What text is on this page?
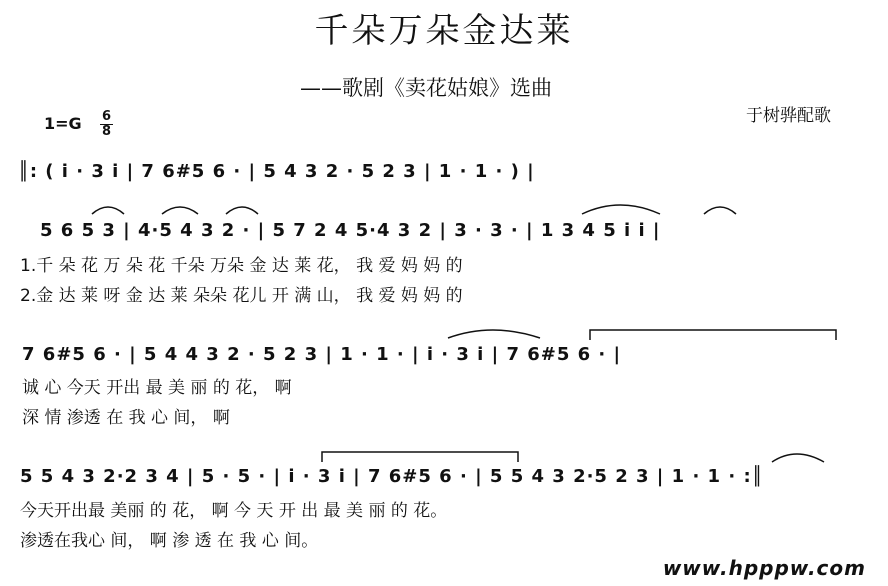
千朵万朵金达莱
——歌剧《卖花姑娘》选曲
$1=G \frac{6}{8}$	于树骅配歌
║: ( i · 3 i | 7 6#5 6 · | 5 4 3 2 · 5 2 3 | 1 · 1 · ) |
5 6 5 3 | 4·5 4 3 2 · | 5 7 2 4 5·4 3 2 | 3 · 3 · | 1 3 4 5 i i |
1.千 朵 花 万 朵 花 千朵 万朵 金 达 莱 花， 我 爱 妈 妈 的
2.金 达 莱 呀 金 达 莱 朵朵 花儿 开 满 山， 我 爱 妈 妈 的
7 6#5 6 · | 5 4 4 3 2 · 5 2 3 | 1 · 1 · | i · 3 i | 7 6#5 6 · |
诚 心 今天 开出 最 美 丽 的 花， 啊
深 情 渗透 在 我 心 间， 啊
5 5 4 3 2·2 3 4 | 5 · 5 · | i · 3 i | 7 6#5 6 · | 5 5 4 3 2·5 2 3 | 1 · 1 · :║
今天开出最 美丽 的 花， 啊 今 天 开 出 最 美 丽 的 花。
渗透在我心 间， 啊 渗 透 在 我 心 间。
www.hpppw.com
